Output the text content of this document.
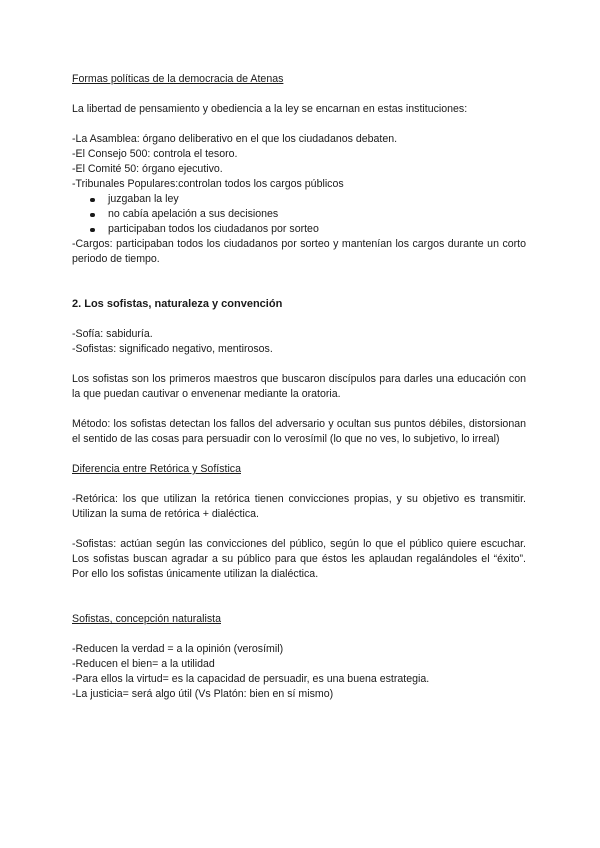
Formas políticas de la democracia de Atenas

La libertad de pensamiento y obediencia a la ley se encarnan en estas instituciones:

-La Asamblea: órgano deliberativo en el que los ciudadanos debaten.

-El Consejo 500: controla el tesoro.

-El Comité 50: órgano ejecutivo.

-Tribunales Populares:controlan todos los cargos públicos

juzgaban la ley
no cabía apelación a sus decisiones
participaban todos los ciudadanos por sorteo

-Cargos: participaban todos los ciudadanos por sorteo y mantenían los cargos durante un corto periodo de tiempo.

2. Los sofistas, naturaleza y convención

-Sofía: sabiduría.

-Sofistas: significado negativo, mentirosos.

Los sofistas son los primeros maestros que buscaron discípulos para darles una educación con la que puedan cautivar o envenenar mediante la oratoria.

Método: los sofistas detectan los fallos del adversario y ocultan sus puntos débiles, distorsionan el sentido de las cosas para persuadir con lo verosímil (lo que no ves, lo subjetivo, lo irreal)

Diferencia entre Retórica y Sofística

-Retórica: los que utilizan la retórica tienen convicciones propias, y su objetivo es transmitir. Utilizan la suma de retórica + dialéctica.

-Sofistas: actúan según las convicciones del público, según lo que el público quiere escuchar. Los sofistas buscan agradar a su público para que éstos les aplaudan regalándoles el “éxito”. Por ello los sofistas únicamente utilizan la dialéctica.

Sofistas, concepción naturalista

-Reducen la verdad = a la opinión (verosímil)

-Reducen el bien= a la utilidad

-Para ellos la virtud= es la capacidad de persuadir, es una buena estrategia.

-La justicia= será algo útil (Vs Platón: bien en sí mismo)
